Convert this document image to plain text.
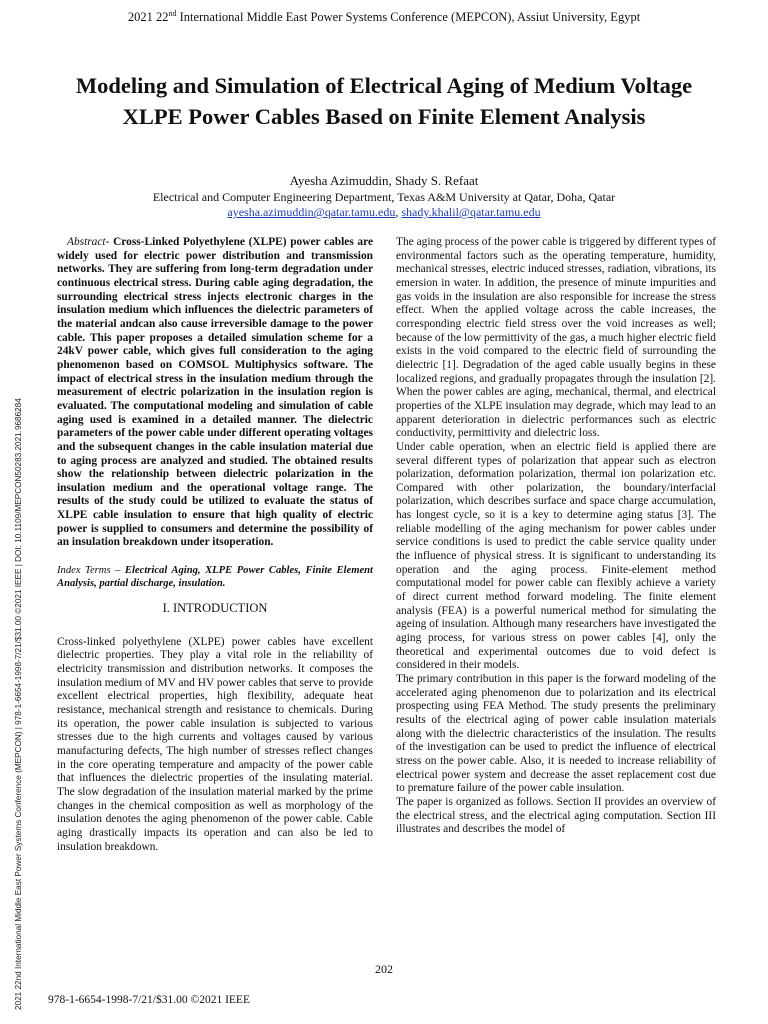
2021 22nd International Middle East Power Systems Conference (MEPCON), Assiut University, Egypt
Modeling and Simulation of Electrical Aging of Medium Voltage XLPE Power Cables Based on Finite Element Analysis
Ayesha Azimuddin, Shady S. Refaat
Electrical and Computer Engineering Department, Texas A&M University at Qatar, Doha, Qatar
ayesha.azimuddin@qatar.tamu.edu, shady.khalil@qatar.tamu.edu

Abstract- Cross-Linked Polyethylene (XLPE) power cables are widely used for electric power distribution and transmission networks. They are suffering from long-term degradation under continuous electrical stress. During cable aging degradation, the surrounding electrical stress injects electronic charges in the insulation medium which influences the dielectric parameters of the material andcan also cause irreversible damage to the power cable. This paper proposes a detailed simulation scheme for a 24kV power cable, which gives full consideration to the aging phenomenon based on COMSOL Multiphysics software. The impact of electrical stress in the insulation medium through the measurement of electric polarization in the insulation region is evaluated. The computational modeling and simulation of cable aging used is examined in a detailed manner. The dielectric parameters of the power cable under different operating voltages and the subsequent changes in the cable insulation material due to aging process are analyzed and studied. The obtained results show the relationship between dielectric polarization in the insulation medium and the operational voltage range. The results of the study could be utilized to evaluate the status of XLPE cable insulation to ensure that high quality of electric power is supplied to consumers and determine the possibility of an insulation breakdown under itsoperation.

Index Terms – Electrical Aging, XLPE Power Cables, Finite Element Analysis, partial discharge, insulation.

I. INTRODUCTION

Cross-linked polyethylene (XLPE) power cables have excellent dielectric properties. They play a vital role in the reliability of electricity transmission and distribution networks. It composes the insulation medium of MV and HV power cables that serve to provide excellent electrical properties, high flexibility, adequate heat resistance, mechanical strength and resistance to chemicals. During its operation, the power cable insulation is subjected to various stresses due to the high currents and voltages caused by various manufacturing defects, The high number of stresses reflect changes in the core operating temperature and ampacity of the power cable that influences the dielectric properties of the insulating material. The slow degradation of the insulation material marked by the prime changes in the chemical composition as well as morphology of the insulation denotes the aging phenomenon of the power cable. Cable aging drastically impacts its operation and can also be led to insulation breakdown.

The aging process of the power cable is triggered by different types of environmental factors such as the operating temperature, humidity, mechanical stresses, electric induced stresses, radiation, vibrations, its emersion in water. In addition, the presence of minute impurities and gas voids in the insulation are also responsible for increase the stress effect. When the applied voltage across the cable increases, the corresponding electric field stress over the void increases as well; because of the low permittivity of the gas, a much higher electric field exists in the void compared to the electric field of surrounding the dielectric [1]. Degradation of the aged cable usually begins in these localized regions, and gradually propagates through the insulation [2]. When the power cables are aging, mechanical, thermal, and electrical properties of the XLPE insulation may degrade, which may lead to an apparent deterioration in dielectric performances such as electric conductivity, permittivity and dielectric loss.

Under cable operation, when an electric field is applied there are several different types of polarization that appear such as electron polarization, deformation polarization, thermal ion polarization etc. Compared with other polarization, the boundary/interfacial polarization, which describes surface and space charge accumulation, has longest cycle, so it is a key to determine aging status [3]. The reliable modelling of the aging mechanism for power cables under service conditions is used to predict the cable service quality under the influence of physical stress. It is significant to understanding its operation and the aging process. Finite-element method computational model for power cable can flexibly achieve a variety of direct current method forward modeling. The finite element analysis (FEA) is a powerful numerical method for simulating the ageing of insulation. Although many researchers have investigated the aging process, for various stress on power cables [4], only the theoretical and experimental outcomes due to void defect is considered in their models.

The primary contribution in this paper is the forward modeling of the accelerated aging phenomenon due to polarization and its electrical prospecting using FEA Method. The study presents the preliminary results of the electrical aging of power cable insulation materials along with the dielectric characteristics of the insulation. The results of the investigation can be used to predict the influence of electrical stress on the power cable. Also, it is needed to increase reliability of electrical power system and decrease the asset replacement cost due to premature failure of the power cable insulation.

The paper is organized as follows. Section II provides an overview of the electrical stress, and the electrical aging computation. Section III illustrates and describes the model of

2021 22nd International Middle East Power Systems Conference (MEPCON) | 978-1-6654-1998-7/21/$31.00 ©2021 IEEE | DOI: 10.1109/MEPCON50283.2021.9686284	202
978-1-6654-1998-7/21/$31.00 ©2021 IEEE
